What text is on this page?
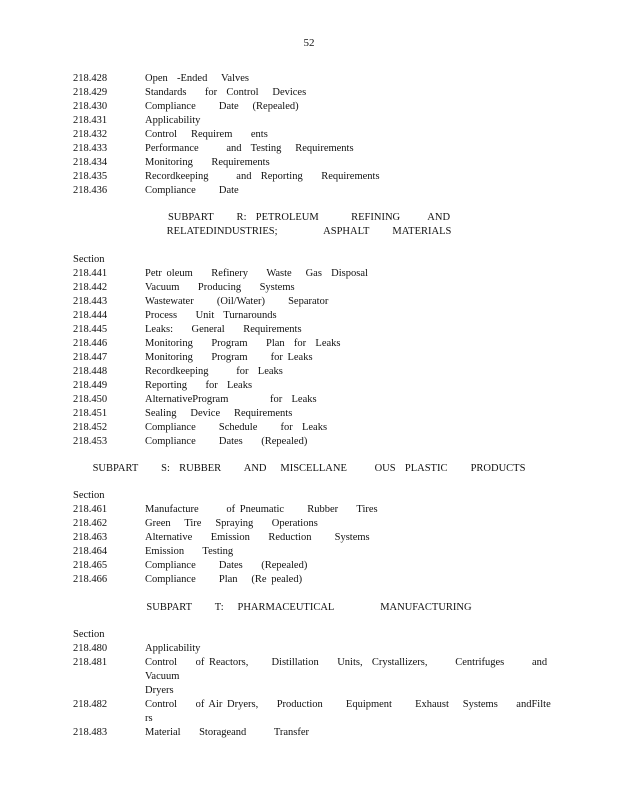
52
218.428	Open  -Ended   Valves
218.429	Standards    for  Control   Devices
218.430	Compliance     Date   (Repealed)
218.431	Applicability
218.432	Control   Requirem    ents
218.433	Performance      and  Testing   Requirements
218.434	Monitoring    Requirements
218.435	Recordkeeping      and  Reporting    Requirements
218.436	Compliance     Date
SUBPART     R:  PETROLEUM       REFINING      AND
RELATEDINDUSTRIES;          ASPHALT     MATERIALS
Section
218.441	Petr oleum    Refinery    Waste   Gas  Disposal
218.442	Vacuum    Producing    Systems
218.443	Wastewater     (Oil/Water)     Separator
218.444	Process    Unit  Turnarounds
218.445	Leaks:    General    Requirements
218.446	Monitoring    Program    Plan  for  Leaks
218.447	Monitoring    Program     for Leaks
218.448	Recordkeeping      for  Leaks
218.449	Reporting    for  Leaks
218.450	AlternativeProgram         for  Leaks
218.451	Sealing   Device   Requirements
218.452	Compliance     Schedule     for  Leaks
218.453	Compliance     Dates    (Repealed)
SUBPART     S:  RUBBER     AND   MISCELLANE      OUS  PLASTIC     PRODUCTS
Section
218.461	Manufacture      of Pneumatic     Rubber    Tires
218.462	Green   Tire   Spraying    Operations
218.463	Alternative    Emission    Reduction     Systems
218.464	Emission    Testing
218.465	Compliance     Dates    (Repealed)
218.466	Compliance     Plan   (Re pealed)
SUBPART     T:   PHARMACEUTICAL          MANUFACTURING
Section
218.480	Applicability
218.481	Control    of Reactors,     Distillation    Units,  Crystallizers,      Centrifuges      and  Vacuum
Dryers
218.482	Control    of Air Dryers,    Production     Equipment     Exhaust   Systems    andFilte  rs
218.483	Material    Storageand      Transfer
